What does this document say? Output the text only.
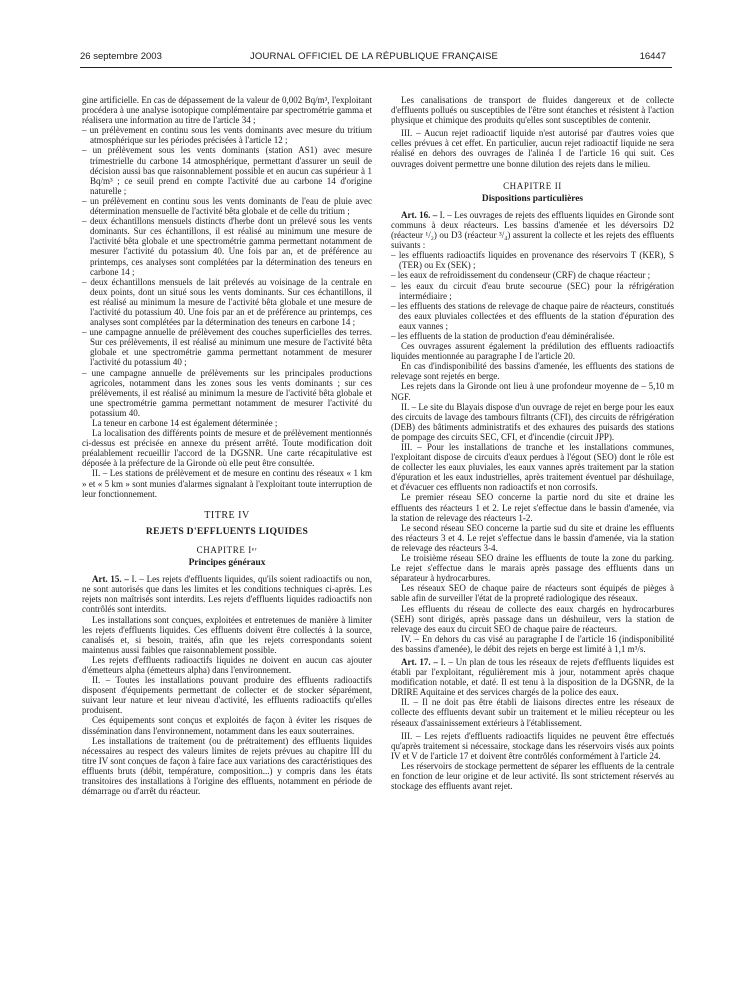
26 septembre 2003	JOURNAL OFFICIEL DE LA RÉPUBLIQUE FRANÇAISE	16447

gine artificielle. En cas de dépassement de la valeur de 0,002 Bq/m³, l'exploitant procédera à une analyse isotopique complémentaire par spectrométrie gamma et réalisera une information au titre de l'article 34 ;

– un prélèvement en continu sous les vents dominants avec mesure du tritium atmosphérique sur les périodes précisées à l'article 12 ;

– un prélèvement sous les vents dominants (station AS1) avec mesure trimestrielle du carbone 14 atmosphérique, permettant d'assurer un seuil de décision aussi bas que raisonnablement possible et en aucun cas supérieur à 1 Bq/m³ ; ce seuil prend en compte l'activité due au carbone 14 d'origine naturelle ;

– un prélèvement en continu sous les vents dominants de l'eau de pluie avec détermination mensuelle de l'activité bêta globale et de celle du tritium ;

– deux échantillons mensuels distincts d'herbe dont un prélevé sous les vents dominants. Sur ces échantillons, il est réalisé au minimum une mesure de l'activité bêta globale et une spectrométrie gamma permettant notamment de mesurer l'activité du potassium 40. Une fois par an, et de préférence au printemps, ces analyses sont complétées par la détermination des teneurs en carbone 14 ;

– deux échantillons mensuels de lait prélevés au voisinage de la centrale en deux points, dont un situé sous les vents dominants. Sur ces échantillons, il est réalisé au minimum la mesure de l'activité bêta globale et une mesure de l'activité du potassium 40. Une fois par an et de préférence au printemps, ces analyses sont complétées par la détermination des teneurs en carbone 14 ;

– une campagne annuelle de prélèvement des couches superficielles des terres. Sur ces prélèvements, il est réalisé au minimum une mesure de l'activité bêta globale et une spectrométrie gamma permettant notamment de mesurer l'activité du potassium 40 ;

– une campagne annuelle de prélèvements sur les principales productions agricoles, notamment dans les zones sous les vents dominants ; sur ces prélèvements, il est réalisé au minimum la mesure de l'activité bêta globale et une spectrométrie gamma permettant notamment de mesurer l'activité du potassium 40.

La teneur en carbone 14 est également déterminée ;

La localisation des différents points de mesure et de prélèvement mentionnés ci-dessus est précisée en annexe du présent arrêté. Toute modification doit préalablement recueillir l'accord de la DGSNR. Une carte récapitulative est déposée à la préfecture de la Gironde où elle peut être consultée.

II. – Les stations de prélèvement et de mesure en continu des réseaux « 1 km » et « 5 km » sont munies d'alarmes signalant à l'exploitant toute interruption de leur fonctionnement.

TITRE IV
REJETS D'EFFLUENTS LIQUIDES
CHAPITRE Iᵉʳ
Principes généraux

Art. 15. – I. – Les rejets d'effluents liquides, qu'ils soient radioactifs ou non, ne sont autorisés que dans les limites et les conditions techniques ci-après. Les rejets non maîtrisés sont interdits. Les rejets d'effluents liquides radioactifs non contrôlés sont interdits.

Les installations sont conçues, exploitées et entretenues de manière à limiter les rejets d'effluents liquides. Ces effluents doivent être collectés à la source, canalisés et, si besoin, traités, afin que les rejets correspondants soient maintenus aussi faibles que raisonnablement possible.

Les rejets d'effluents radioactifs liquides ne doivent en aucun cas ajouter d'émetteurs alpha (émetteurs alpha) dans l'environnement.

II. – Toutes les installations pouvant produire des effluents radioactifs disposent d'équipements permettant de collecter et de stocker séparément, suivant leur nature et leur niveau d'activité, les effluents radioactifs qu'elles produisent.

Ces équipements sont conçus et exploités de façon à éviter les risques de dissémination dans l'environnement, notamment dans les eaux souterraines.

Les installations de traitement (ou de prétraitement) des effluents liquides nécessaires au respect des valeurs limites de rejets prévues au chapitre III du titre IV sont conçues de façon à faire face aux variations des caractéristiques des effluents bruts (débit, température, composition...) y compris dans les états transitoires des installations à l'origine des effluents, notamment en période de démarrage ou d'arrêt du réacteur.

Les canalisations de transport de fluides dangereux et de collecte d'effluents pollués ou susceptibles de l'être sont étanches et résistent à l'action physique et chimique des produits qu'elles sont susceptibles de contenir.

III. – Aucun rejet radioactif liquide n'est autorisé par d'autres voies que celles prévues à cet effet. En particulier, aucun rejet radioactif liquide ne sera réalisé en dehors des ouvrages de l'alinéa I de l'article 16 qui suit. Ces ouvrages doivent permettre une bonne dilution des rejets dans le milieu.

CHAPITRE II
Dispositions particulières

Art. 16. – I. – Les ouvrages de rejets des effluents liquides en Gironde sont communs à deux réacteurs. Les bassins d'amenée et les déversoirs D2 (réacteur ¹/₂) ou D3 (réacteur ³/₄) assurent la collecte et les rejets des effluents suivants :

– les effluents radioactifs liquides en provenance des réservoirs T (KER), S (TER) ou Ex (SEK) ;

– les eaux de refroidissement du condenseur (CRF) de chaque réacteur ;

– les eaux du circuit d'eau brute secourue (SEC) pour la réfrigération intermédiaire ;

– les effluents des stations de relevage de chaque paire de réacteurs, constitués des eaux pluviales collectées et des effluents de la station d'épuration des eaux vannes ;

– les effluents de la station de production d'eau déminéralisée.

Ces ouvrages assurent également la prédilution des effluents radioactifs liquides mentionnée au paragraphe I de l'article 20.

En cas d'indisponibilité des bassins d'amenée, les effluents des stations de relevage sont rejetés en berge.

Les rejets dans la Gironde ont lieu à une profondeur moyenne de – 5,10 m NGF.

II. – Le site du Blayais dispose d'un ouvrage de rejet en berge pour les eaux des circuits de lavage des tambours filtrants (CFI), des circuits de réfrigération (DEB) des bâtiments administratifs et des exhaures des puisards des stations de pompage des circuits SEC, CFI, et d'incendie (circuit JPP).

III. – Pour les installations de tranche et les installations communes, l'exploitant dispose de circuits d'eaux perdues à l'égout (SEO) dont le rôle est de collecter les eaux pluviales, les eaux vannes après traitement par la station d'épuration et les eaux industrielles, après traitement éventuel par déshuilage, et d'évacuer ces effluents non radioactifs et non corrosifs.

Le premier réseau SEO concerne la partie nord du site et draine les effluents des réacteurs 1 et 2. Le rejet s'effectue dans le bassin d'amenée, via la station de relevage des réacteurs 1-2.

Le second réseau SEO concerne la partie sud du site et draine les effluents des réacteurs 3 et 4. Le rejet s'effectue dans le bassin d'amenée, via la station de relevage des réacteurs 3-4.

Le troisième réseau SEO draine les effluents de toute la zone du parking. Le rejet s'effectue dans le marais après passage des effluents dans un séparateur à hydrocarbures.

Les réseaux SEO de chaque paire de réacteurs sont équipés de pièges à sable afin de surveiller l'état de la propreté radiologique des réseaux.

Les effluents du réseau de collecte des eaux chargés en hydrocarbures (SEH) sont dirigés, après passage dans un déshuileur, vers la station de relevage des eaux du circuit SEO de chaque paire de réacteurs.

IV. – En dehors du cas visé au paragraphe I de l'article 16 (indisponibilité des bassins d'amenée), le débit des rejets en berge est limité à 1,1 m³/s.

Art. 17. – I. – Un plan de tous les réseaux de rejets d'effluents liquides est établi par l'exploitant, régulièrement mis à jour, notamment après chaque modification notable, et daté. Il est tenu à la disposition de la DGSNR, de la DRIRE Aquitaine et des services chargés de la police des eaux.

II. – Il ne doit pas être établi de liaisons directes entre les réseaux de collecte des effluents devant subir un traitement et le milieu récepteur ou les réseaux d'assainissement extérieurs à l'établissement.

III. – Les rejets d'effluents radioactifs liquides ne peuvent être effectués qu'après traitement si nécessaire, stockage dans les réservoirs visés aux points IV et V de l'article 17 et doivent être contrôlés conformément à l'article 24.

Les réservoirs de stockage permettent de séparer les effluents de la centrale en fonction de leur origine et de leur activité. Ils sont strictement réservés au stockage des effluents avant rejet.
